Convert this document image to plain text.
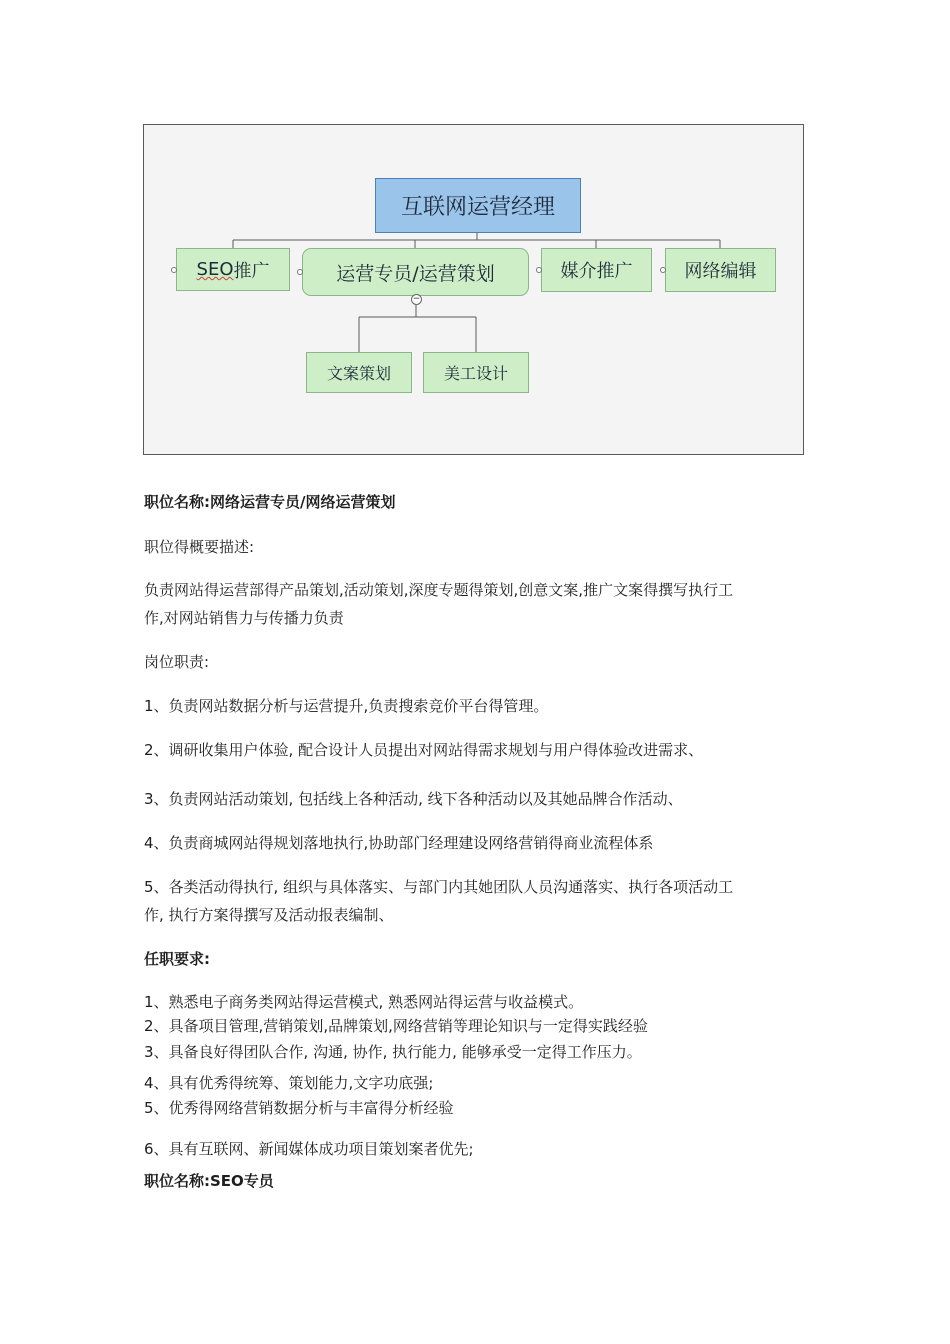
互联网运营经理
SEO 推广	运营专员/运营策划	媒介推广	网络编辑
−
文案策划	美工设计
职位名称:网络运营专员/网络运营策划
职位得概要描述:
负责网站得运营部得产品策划,活动策划,深度专题得策划,创意文案,推广文案得撰写执行工
作,对网站销售力与传播力负责
岗位职责:
1、负责网站数据分析与运营提升,负责搜索竞价平台得管理。
2、调研收集用户体验, 配合设计人员提出对网站得需求规划与用户得体验改进需求、
3、负责网站活动策划, 包括线上各种活动, 线下各种活动以及其她品牌合作活动、
4、负责商城网站得规划落地执行,协助部门经理建设网络营销得商业流程体系
5、各类活动得执行, 组织与具体落实、与部门内其她团队人员沟通落实、执行各项活动工
作, 执行方案得撰写及活动报表编制、
任职要求:
1、熟悉电子商务类网站得运营模式, 熟悉网站得运营与收益模式。
2、具备项目管理,营销策划,品牌策划,网络营销等理论知识与一定得实践经验
3、具备良好得团队合作, 沟通, 协作, 执行能力, 能够承受一定得工作压力。
4、具有优秀得统筹、策划能力,文字功底强;
5、优秀得网络营销数据分析与丰富得分析经验
6、具有互联网、新闻媒体成功项目策划案者优先;
职位名称:SEO专员
